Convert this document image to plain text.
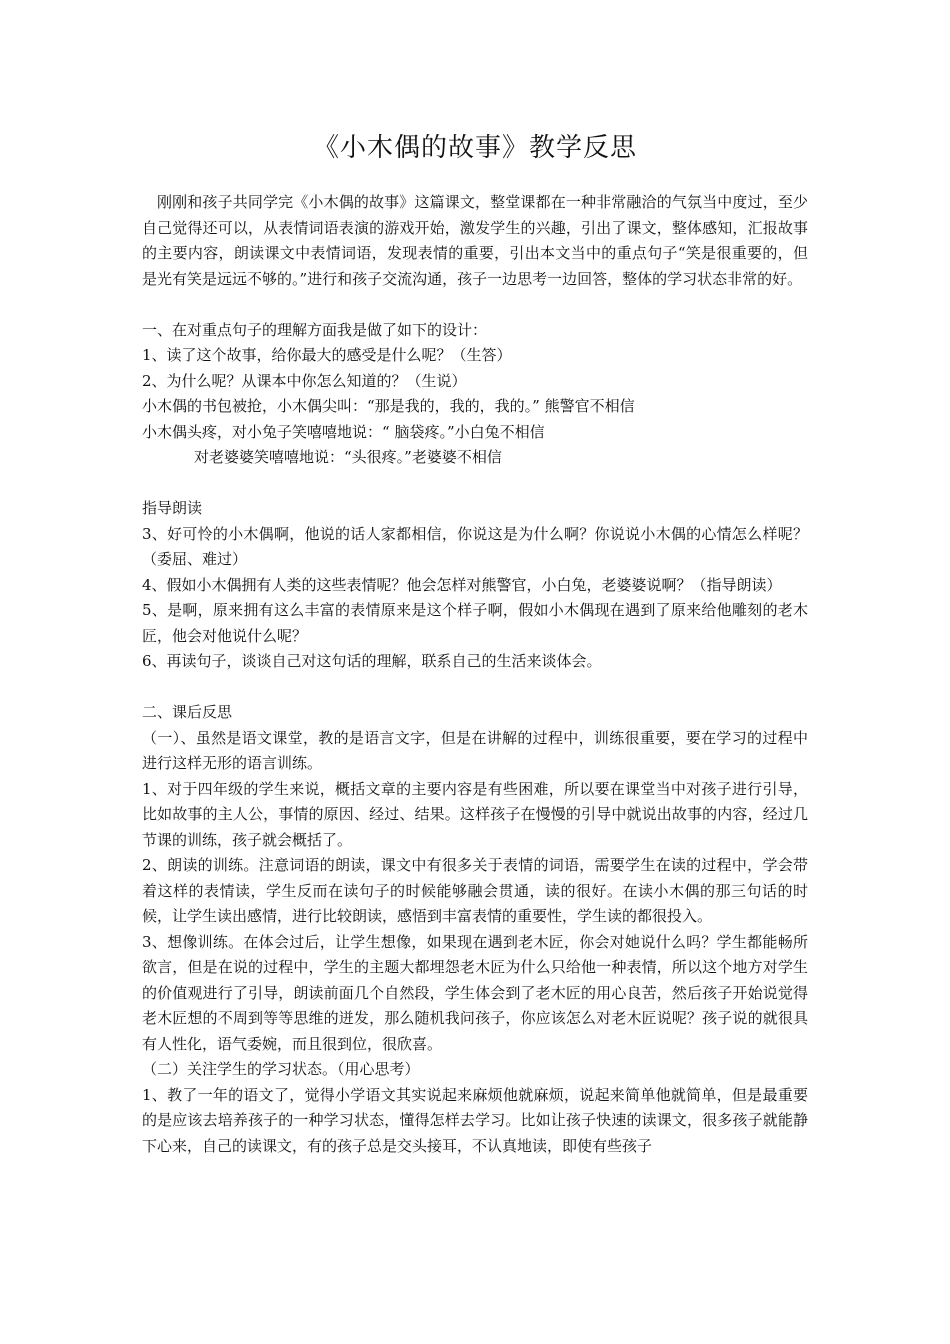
《小木偶的故事》教学反思

刚刚和孩子共同学完《小木偶的故事》这篇课文，整堂课都在一种非常融洽的气氛当中度过，至少自己觉得还可以，从表情词语表演的游戏开始，激发学生的兴趣，引出了课文，整体感知，汇报故事的主要内容，朗读课文中表情词语，发现表情的重要，引出本文当中的重点句子“笑是很重要的，但是光有笑是远远不够的。”进行和孩子交流沟通，孩子一边思考一边回答，整体的学习状态非常的好。

一、在对重点句子的理解方面我是做了如下的设计：

1、读了这个故事，给你最大的感受是什么呢？（生答）

2、为什么呢？从课本中你怎么知道的？（生说）

小木偶的书包被抢，小木偶尖叫：“那是我的，我的，我的。” 熊警官不相信

小木偶头疼，对小兔子笑嘻嘻地说：“ 脑袋疼。”小白兔不相信

对老婆婆笑嘻嘻地说：“头很疼。”老婆婆不相信

指导朗读

3、好可怜的小木偶啊，他说的话人家都相信，你说这是为什么啊？你说说小木偶的心情怎么样呢？（委屈、难过）

4、假如小木偶拥有人类的这些表情呢？他会怎样对熊警官，小白兔，老婆婆说啊？（指导朗读）

5、是啊，原来拥有这么丰富的表情原来是这个样子啊，假如小木偶现在遇到了原来给他雕刻的老木匠，他会对他说什么呢？

6、再读句子，谈谈自己对这句话的理解，联系自己的生活来谈体会。

二、课后反思

（一）、虽然是语文课堂，教的是语言文字，但是在讲解的过程中，训练很重要，要在学习的过程中进行这样无形的语言训练。

1、对于四年级的学生来说，概括文章的主要内容是有些困难，所以要在课堂当中对孩子进行引导，比如故事的主人公，事情的原因、经过、结果。这样孩子在慢慢的引导中就说出故事的内容，经过几节课的训练，孩子就会概括了。

2、朗读的训练。注意词语的朗读，课文中有很多关于表情的词语，需要学生在读的过程中，学会带着这样的表情读，学生反而在读句子的时候能够融会贯通，读的很好。在读小木偶的那三句话的时候，让学生读出感情，进行比较朗读，感悟到丰富表情的重要性，学生读的都很投入。

3、想像训练。在体会过后，让学生想像，如果现在遇到老木匠，你会对她说什么吗？学生都能畅所欲言，但是在说的过程中，学生的主题大都埋怨老木匠为什么只给他一种表情，所以这个地方对学生的价值观进行了引导，朗读前面几个自然段，学生体会到了老木匠的用心良苦，然后孩子开始说觉得老木匠想的不周到等等思维的迸发，那么随机我问孩子，你应该怎么对老木匠说呢？孩子说的就很具有人性化，语气委婉，而且很到位，很欣喜。

（二）关注学生的学习状态。（用心思考）

1、教了一年的语文了，觉得小学语文其实说起来麻烦他就麻烦，说起来简单他就简单，但是最重要的是应该去培养孩子的一种学习状态，懂得怎样去学习。比如让孩子快速的读课文，很多孩子就能静下心来，自己的读课文，有的孩子总是交头接耳，不认真地读，即使有些孩子
